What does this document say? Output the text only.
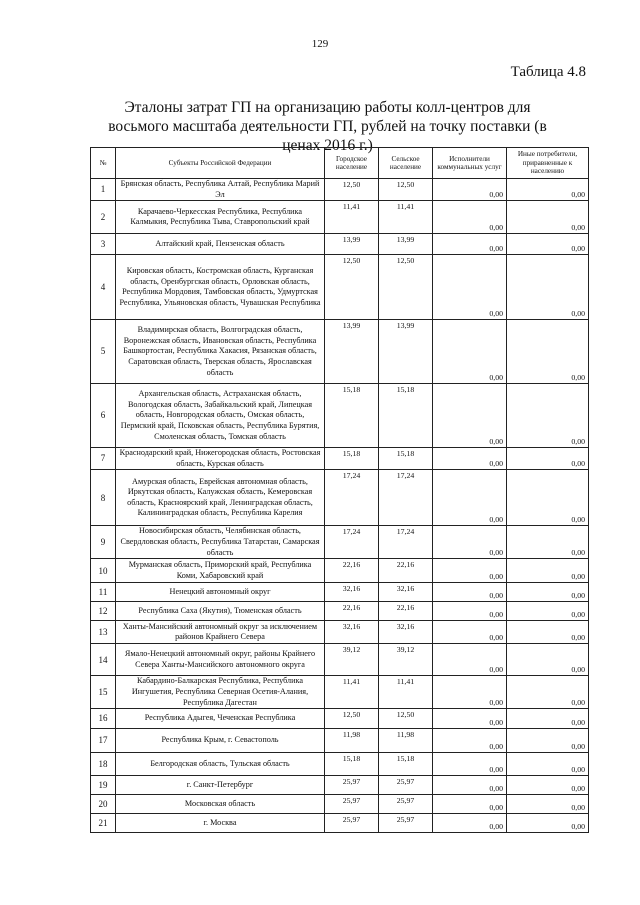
129
Таблица 4.8
Эталоны затрат ГП на организацию работы колл-центров для восьмого масштаба деятельности ГП, рублей на точку поставки (в ценах 2016 г.)
№	Субъекты Российской Федерации	Городское население	Сельское население	Исполнители коммунальных услуг	Иные потребители, приравненные к населению
1	Брянская область, Республика Алтай, Республика Марий Эл	12,50	12,50	0,00	0,00
2	Карачаево-Черкесская Республика, Республика Калмыкия, Республика Тыва, Ставропольский край	11,41	11,41	0,00	0,00
3	Алтайский край, Пензенская область	13,99	13,99	0,00	0,00
4	Кировская область, Костромская область, Курганская область, Оренбургская область, Орловская область, Республика Мордовия, Тамбовская область, Удмуртская Республика, Ульяновская область, Чувашская Республика	12,50	12,50	0,00	0,00
5	Владимирская область, Волгоградская область, Воронежская область, Ивановская область, Республика Башкортостан, Республика Хакасия, Рязанская область, Саратовская область, Тверская область, Ярославская область	13,99	13,99	0,00	0,00
6	Архангельская область, Астраханская область, Вологодская область, Забайкальский край, Липецкая область, Новгородская область, Омская область, Пермский край, Псковская область, Республика Бурятия, Смоленская область, Томская область	15,18	15,18	0,00	0,00
7	Краснодарский край, Нижегородская область, Ростовская область, Курская область	15,18	15,18	0,00	0,00
8	Амурская область, Еврейская автономная область, Иркутская область, Калужская область, Кемеровская область, Красноярский край, Ленинградская область, Калининградская область, Республика Карелия	17,24	17,24	0,00	0,00
9	Новосибирская область, Челябинская область, Свердловская область, Республика Татарстан, Самарская область	17,24	17,24	0,00	0,00
10	Мурманская область, Приморский край, Республика Коми, Хабаровский край	22,16	22,16	0,00	0,00
11	Ненецкий автономный округ	32,16	32,16	0,00	0,00
12	Республика Саха (Якутия), Тюменская область	22,16	22,16	0,00	0,00
13	Ханты-Мансийский автономный округ за исключением районов Крайнего Севера	32,16	32,16	0,00	0,00
14	Ямало-Ненецкий автономный округ, районы Крайнего Севера Ханты-Мансийского автономного округа	39,12	39,12	0,00	0,00
15	Кабардино-Балкарская Республика, Республика Ингушетия, Республика Северная Осетия-Алания, Республика Дагестан	11,41	11,41	0,00	0,00
16	Республика Адыгея, Чеченская Республика	12,50	12,50	0,00	0,00
17	Республика Крым, г. Севастополь	11,98	11,98	0,00	0,00
18	Белгородская область, Тульская область	15,18	15,18	0,00	0,00
19	г. Санкт-Петербург	25,97	25,97	0,00	0,00
20	Московская область	25,97	25,97	0,00	0,00
21	г. Москва	25,97	25,97	0,00	0,00
